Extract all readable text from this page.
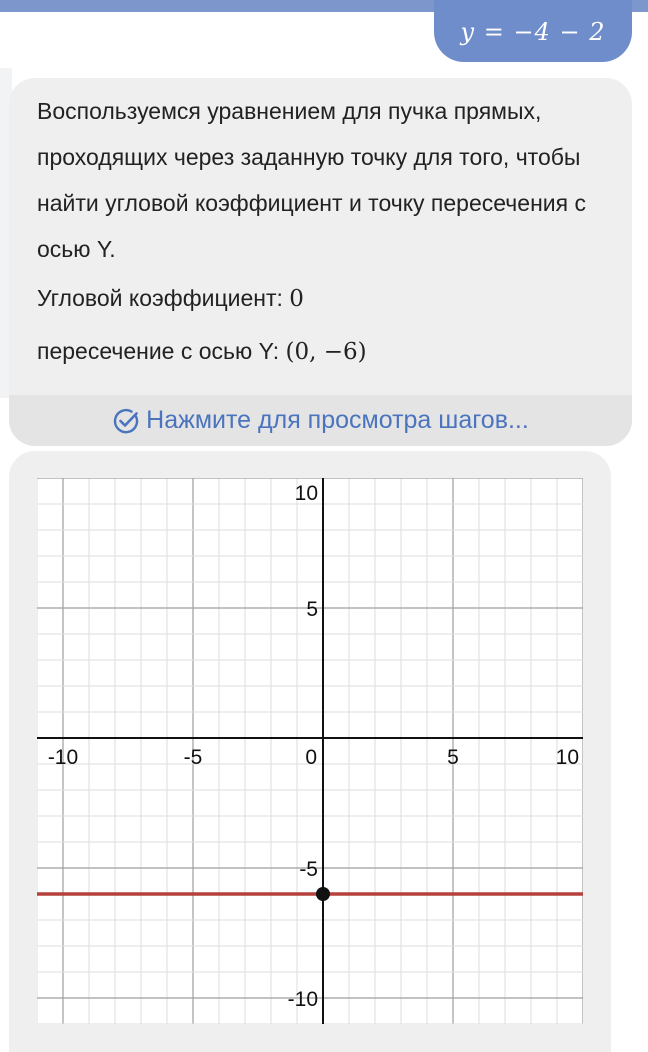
y = −4 − 2

Воспользуемся уравнением для пучка прямых, проходящих через заданную точку для того, чтобы найти угловой коэффициент и точку пересечения с осью Y.

Угловой коэффициент: 0

пересечение с осью Y: (0, −6)

Нажмите для просмотра шагов...
-10	-5	0	5	10
10
5
-5
-10
